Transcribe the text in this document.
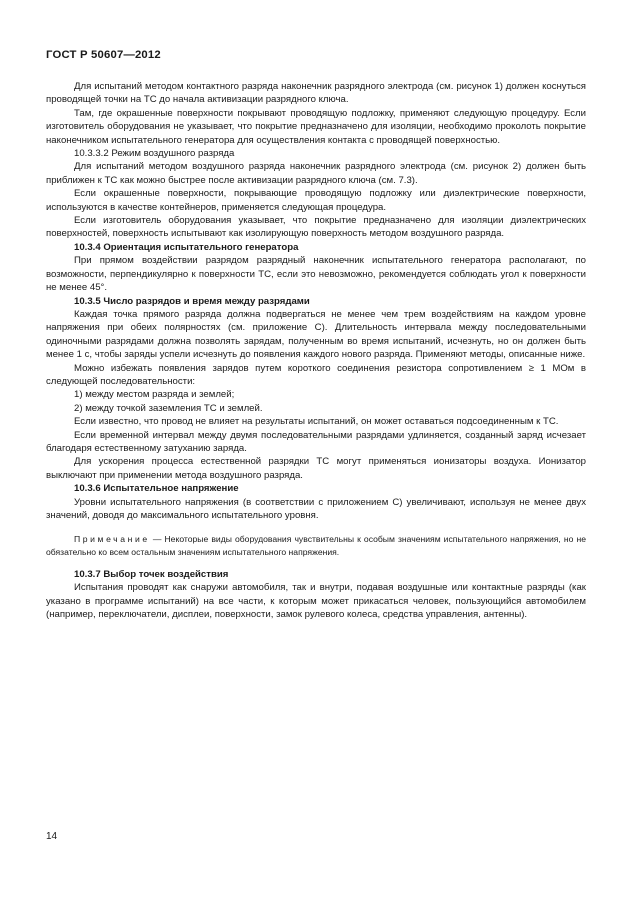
ГОСТ Р 50607—2012

Для испытаний методом контактного разряда наконечник разрядного электрода (см. рисунок 1) должен коснуться проводящей точки на ТС до начала активизации разрядного ключа.

Там, где окрашенные поверхности покрывают проводящую подложку, применяют следующую процедуру. Если изготовитель оборудования не указывает, что покрытие предназначено для изоляции, необходимо проколоть покрытие наконечником испытательного генератора для осуществления контакта с проводящей поверхностью.

10.3.3.2 Режим воздушного разряда

Для испытаний методом воздушного разряда наконечник разрядного электрода (см. рисунок 2) должен быть приближен к ТС как можно быстрее после активизации разрядного ключа (см. 7.3).

Если окрашенные поверхности, покрывающие проводящую подложку или диэлектрические поверхности, используются в качестве контейнеров, применяется следующая процедура.

Если изготовитель оборудования указывает, что покрытие предназначено для изоляции диэлектрических поверхностей, поверхность испытывают как изолирующую поверхность методом воздушного разряда.

10.3.4 Ориентация испытательного генератора

При прямом воздействии разрядом разрядный наконечник испытательного генератора располагают, по возможности, перпендикулярно к поверхности ТС, если это невозможно, рекомендуется соблюдать угол к поверхности не менее 45°.

10.3.5 Число разрядов и время между разрядами

Каждая точка прямого разряда должна подвергаться не менее чем трем воздействиям на каждом уровне напряжения при обеих полярностях (см. приложение С). Длительность интервала между последовательными одиночными разрядами должна позволять зарядам, полученным во время испытаний, исчезнуть, но он должен быть менее 1 с, чтобы заряды успели исчезнуть до появления каждого нового разряда. Применяют методы, описанные ниже.

Можно избежать появления зарядов путем короткого соединения резистора сопротивлением ≥ 1 МОм в следующей последовательности:

1) между местом разряда и землей;

2) между точкой заземления ТС и землей.

Если известно, что провод не влияет на результаты испытаний, он может оставаться подсоединенным к ТС.

Если временной интервал между двумя последовательными разрядами удлиняется, созданный заряд исчезает благодаря естественному затуханию заряда.

Для ускорения процесса естественной разрядки ТС могут применяться ионизаторы воздуха. Ионизатор выключают при применении метода воздушного разряда.

10.3.6 Испытательное напряжение

Уровни испытательного напряжения (в соответствии с приложением С) увеличивают, используя не менее двух значений, доводя до максимального испытательного уровня.

Примечание — Некоторые виды оборудования чувствительны к особым значениям испытательного напряжения, но не обязательно ко всем остальным значениям испытательного напряжения.

10.3.7 Выбор точек воздействия

Испытания проводят как снаружи автомобиля, так и внутри, подавая воздушные или контактные разряды (как указано в программе испытаний) на все части, к которым может прикасаться человек, пользующийся автомобилем (например, переключатели, дисплеи, поверхности, замок рулевого колеса, средства управления, антенны).

14
